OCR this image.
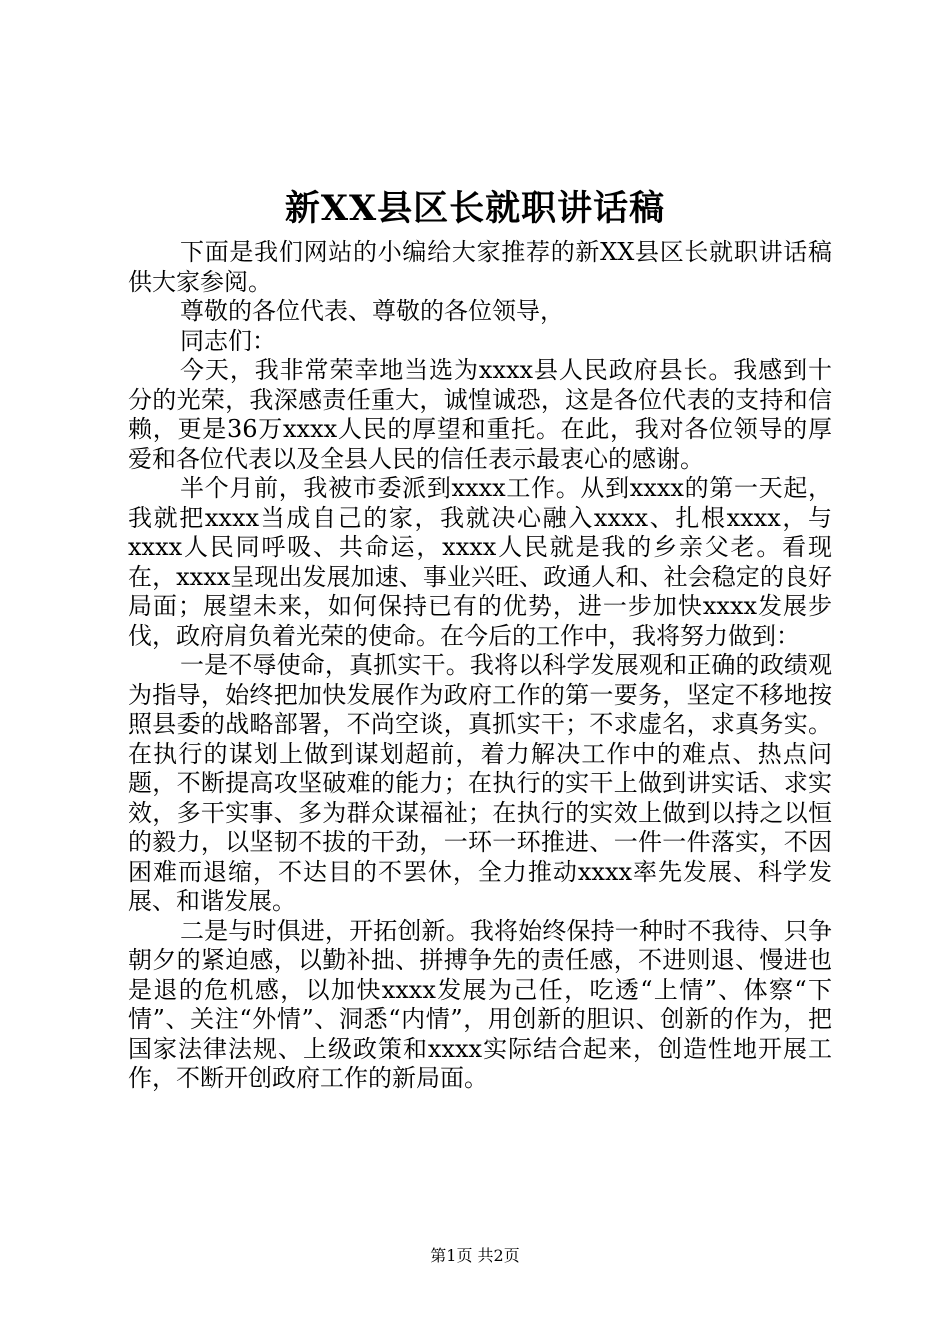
新XX县区长就职讲话稿

下面是我们网站的小编给大家推荐的新XX县区长就职讲话稿供大家参阅。

尊敬的各位代表、尊敬的各位领导，

同志们：

今天，我非常荣幸地当选为xxxx县人民政府县长。我感到十分的光荣，我深感责任重大，诚惶诚恐，这是各位代表的支持和信赖，更是36万xxxx人民的厚望和重托。在此，我对各位领导的厚爱和各位代表以及全县人民的信任表示最衷心的感谢。

半个月前，我被市委派到xxxx工作。从到xxxx的第一天起，我就把xxxx当成自己的家，我就决心融入xxxx、扎根xxxx，与xxxx人民同呼吸、共命运，xxxx人民就是我的乡亲父老。看现在，xxxx呈现出发展加速、事业兴旺、政通人和、社会稳定的良好局面；展望未来，如何保持已有的优势，进一步加快xxxx发展步伐，政府肩负着光荣的使命。在今后的工作中，我将努力做到：

一是不辱使命，真抓实干。我将以科学发展观和正确的政绩观为指导，始终把加快发展作为政府工作的第一要务，坚定不移地按照县委的战略部署，不尚空谈，真抓实干；不求虚名，求真务实。在执行的谋划上做到谋划超前，着力解决工作中的难点、热点问题，不断提高攻坚破难的能力；在执行的实干上做到讲实话、求实效，多干实事、多为群众谋福祉；在执行的实效上做到以持之以恒的毅力，以坚韧不拔的干劲，一环一环推进、一件一件落实，不因困难而退缩，不达目的不罢休，全力推动xxxx率先发展、科学发展、和谐发展。

二是与时俱进，开拓创新。我将始终保持一种时不我待、只争朝夕的紧迫感，以勤补拙、拼搏争先的责任感，不进则退、慢进也是退的危机感，以加快xxxx发展为己任，吃透“上情”、体察“下情”、关注“外情”、洞悉“内情”，用创新的胆识、创新的作为，把国家法律法规、上级政策和xxxx实际结合起来，创造性地开展工作，不断开创政府工作的新局面。

第1页 共2页
